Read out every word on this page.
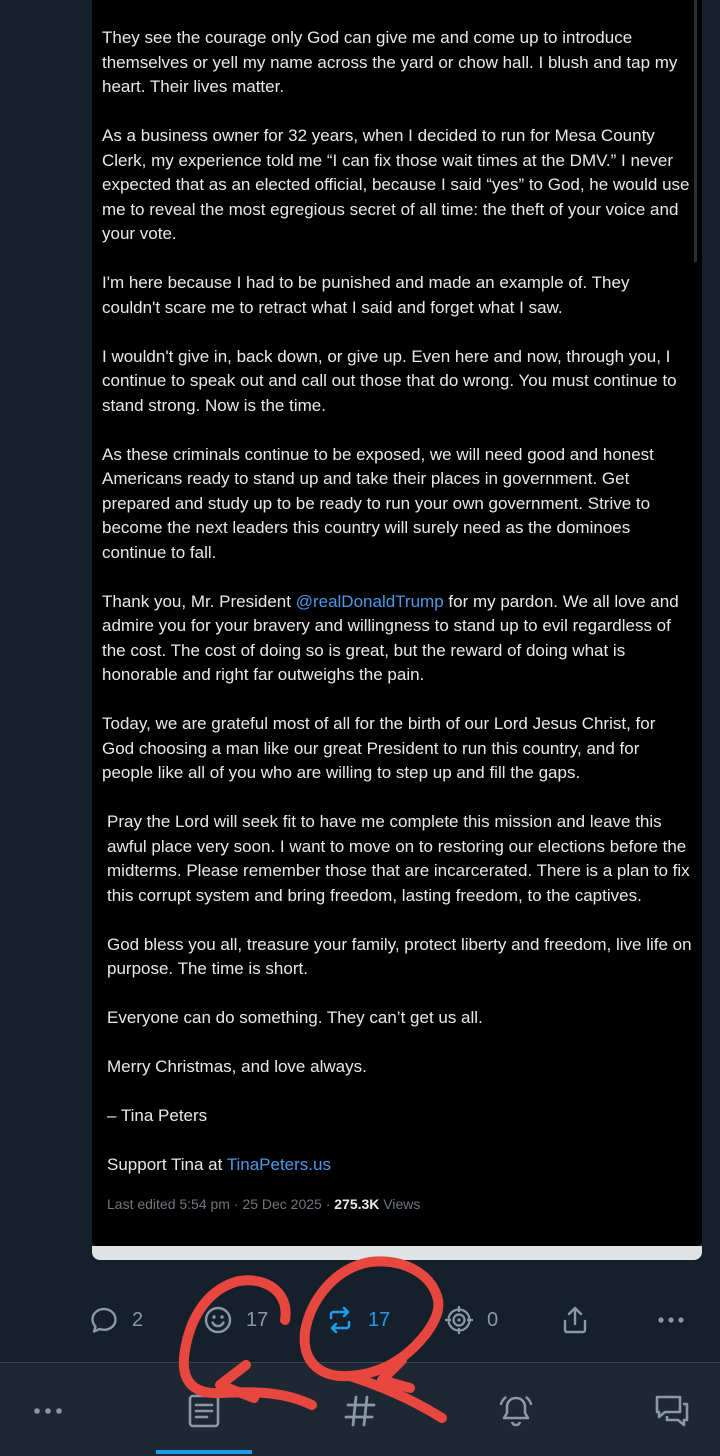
They see the courage only God can give me and come up to introduce themselves or yell my name across the yard or chow hall. I blush and tap my heart. Their lives matter.

As a business owner for 32 years, when I decided to run for Mesa County Clerk, my experience told me “I can fix those wait times at the DMV.” I never expected that as an elected official, because I said “yes” to God, he would use me to reveal the most egregious secret of all time: the theft of your voice and your vote.

I'm here because I had to be punished and made an example of. They couldn't scare me to retract what I said and forget what I saw.

I wouldn't give in, back down, or give up. Even here and now, through you, I continue to speak out and call out those that do wrong. You must continue to stand strong. Now is the time.

As these criminals continue to be exposed, we will need good and honest Americans ready to stand up and take their places in government. Get prepared and study up to be ready to run your own government. Strive to become the next leaders this country will surely need as the dominoes continue to fall.

Thank you, Mr. President @realDonaldTrump for my pardon. We all love and admire you for your bravery and willingness to stand up to evil regardless of the cost. The cost of doing so is great, but the reward of doing what is honorable and right far outweighs the pain.

Today, we are grateful most of all for the birth of our Lord Jesus Christ, for God choosing a man like our great President to run this country, and for people like all of you who are willing to step up and fill the gaps.

Pray the Lord will seek fit to have me complete this mission and leave this awful place very soon. I want to move on to restoring our elections before the midterms. Please remember those that are incarcerated. There is a plan to fix this corrupt system and bring freedom, lasting freedom, to the captives.

God bless you all, treasure your family, protect liberty and freedom, live life on purpose. The time is short.

Everyone can do something. They can’t get us all.

Merry Christmas, and love always.

– Tina Peters

Support Tina at TinaPeters.us

Last edited 5:54 pm · 25 Dec 2025 · 275.3K Views
2	17	17	0
